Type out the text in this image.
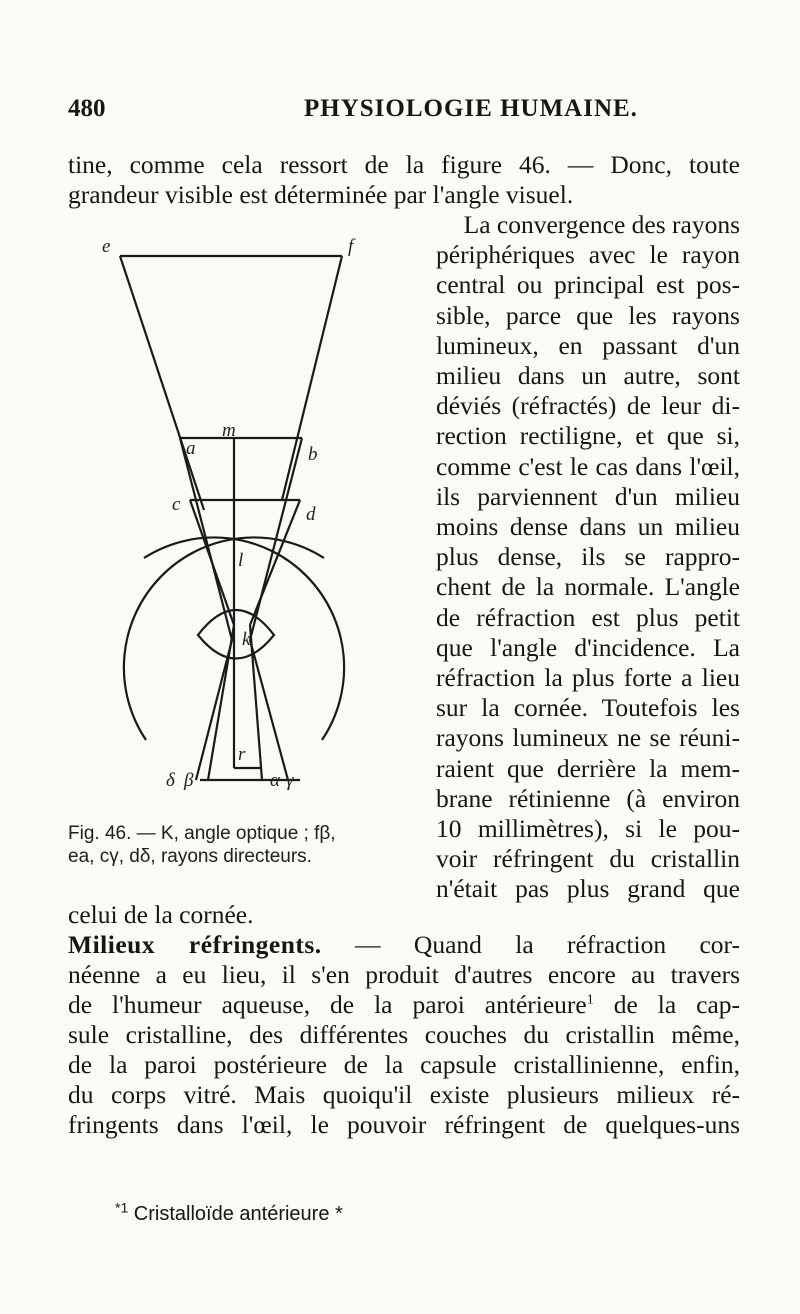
480	PHYSIOLOGIE HUMAINE.
tine, comme cela ressort de la figure 46. — Donc, toute
grandeur visible est déterminée par l'angle visuel.
La convergence des rayons
périphériques avec le rayon
central ou principal est pos-
sible, parce que les rayons
lumineux, en passant d'un
milieu dans un autre, sont
déviés (réfractés) de leur di-
rection rectiligne, et que si,
comme c'est le cas dans l'œil,
ils parviennent d'un milieu
moins dense dans un milieu
plus dense, ils se rappro-
chent de la normale. L'angle
de réfraction est plus petit
que l'angle d'incidence. La
réfraction la plus forte a lieu
sur la cornée. Toutefois les
rayons lumineux ne se réuni-
raient que derrière la mem-
brane rétinienne (à environ
10 millimètres), si le pou-
voir réfringent du cristallin
n'était pas plus grand que
e	f
a
m
b
c	d
l
k
r
δ β	α γ
Fig. 46. — K, angle optique ; fβ,
ea, cγ, dδ, rayons directeurs.
celui de la cornée.
Milieux réfringents. — Quand la réfraction cor-
néenne a eu lieu, il s'en produit d'autres encore au travers
de l'humeur aqueuse, de la paroi antérieure$^1$ de la cap-
sule cristalline, des différentes couches du cristallin même,
de la paroi postérieure de la capsule cristallinienne, enfin,
du corps vitré. Mais quoiqu'il existe plusieurs milieux ré-
fringents dans l'œil, le pouvoir réfringent de quelques-uns
$^{*1}$ Cristalloïde antérieure *
